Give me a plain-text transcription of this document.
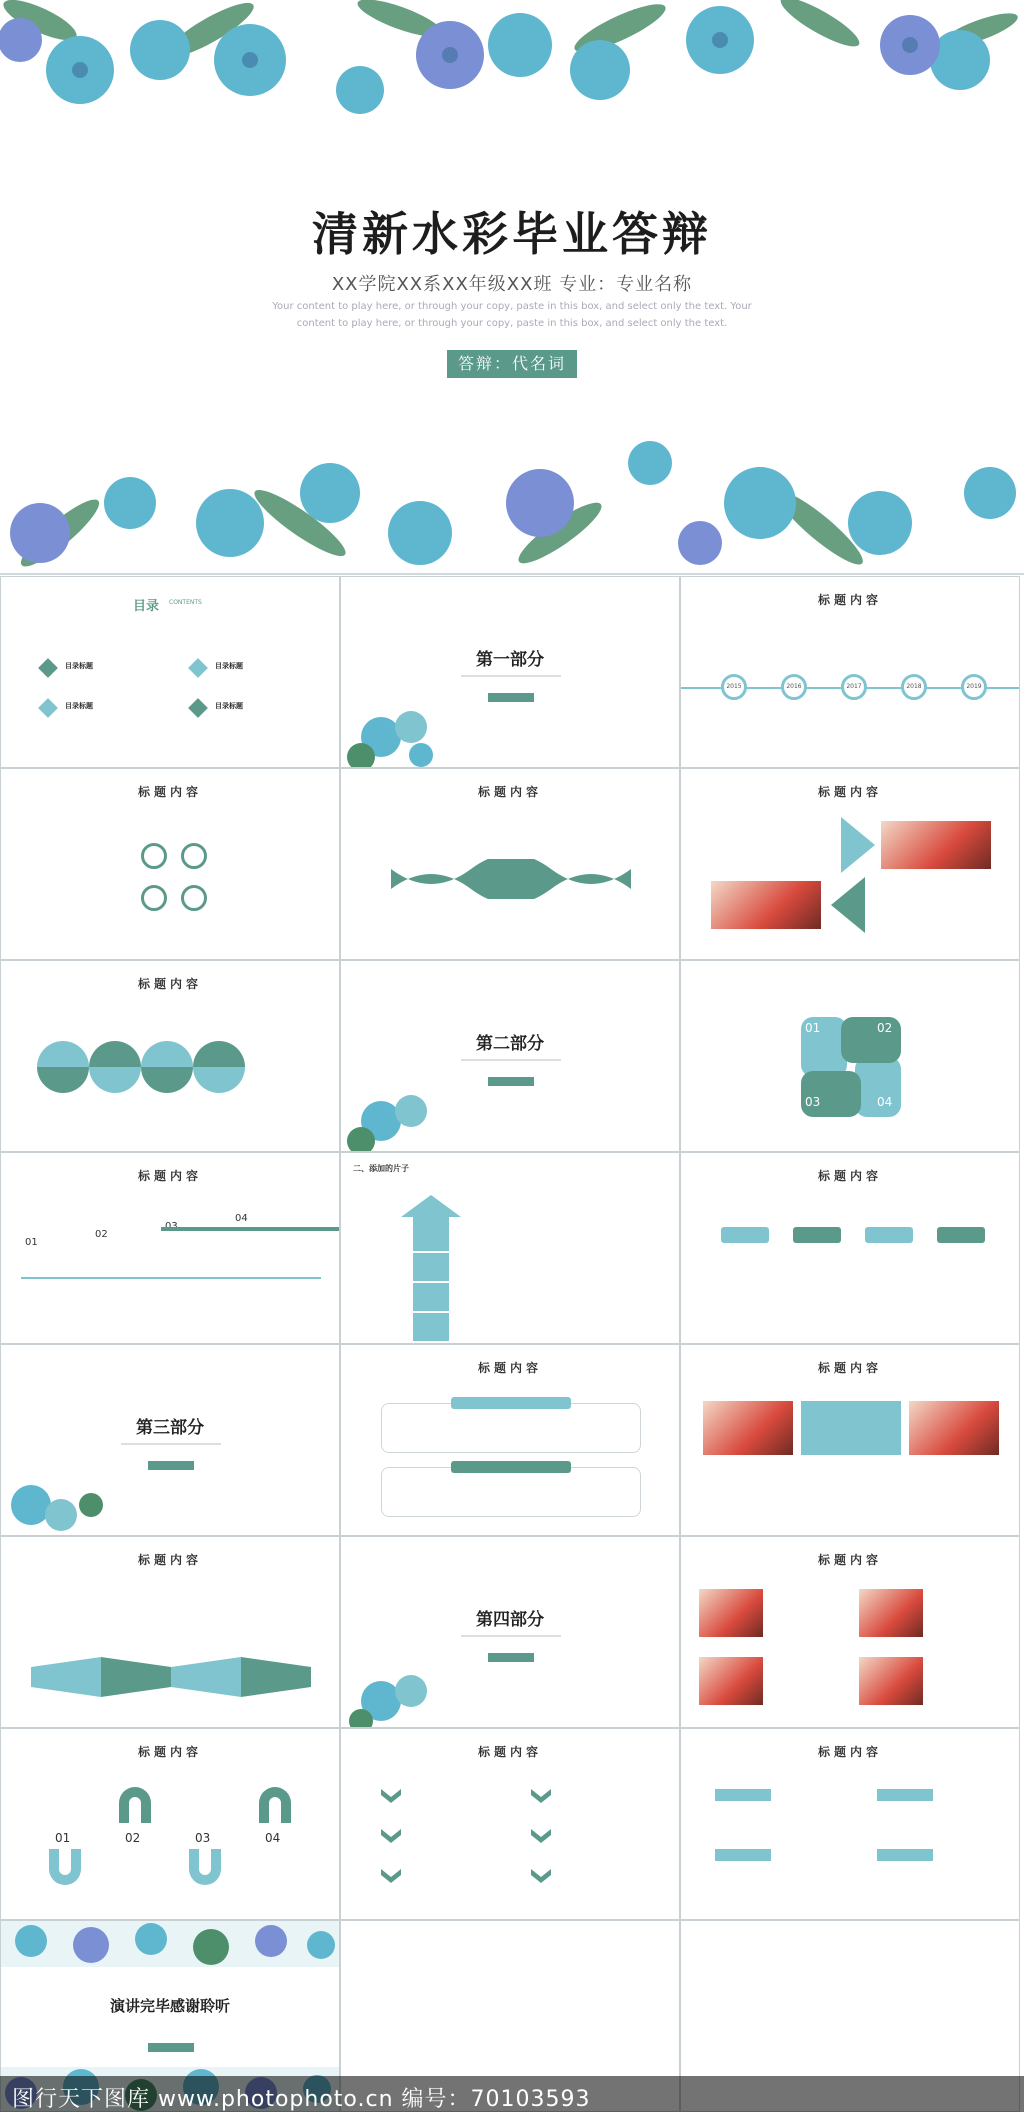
清新水彩毕业答辩
XX学院XX系XX年级XX班 专业：专业名称
Your content to play here, or through your copy, paste in this box, and select only the text. Your content to play here, or through your copy, paste in this box, and select only the text.
答辩：代名词
目录 CONTENTS
目录标题	目录标题
目录标题	目录标题
第一部分
标题内容
2015	2016	2017	2018	2019
标题内容
1	2
3	4
标题内容	标题内容
标题内容
第二部分
01	02
03	04
标题内容
01
02
04
二、添加的片子
标题内容
第三部分
标题内容	标题内容
标题内容
第四部分
标题内容
标题内容
01	02	03	04
标题内容	标题内容
演讲完毕感谢聆听
图行天下图库 www.photophoto.cn 编号：70103593
